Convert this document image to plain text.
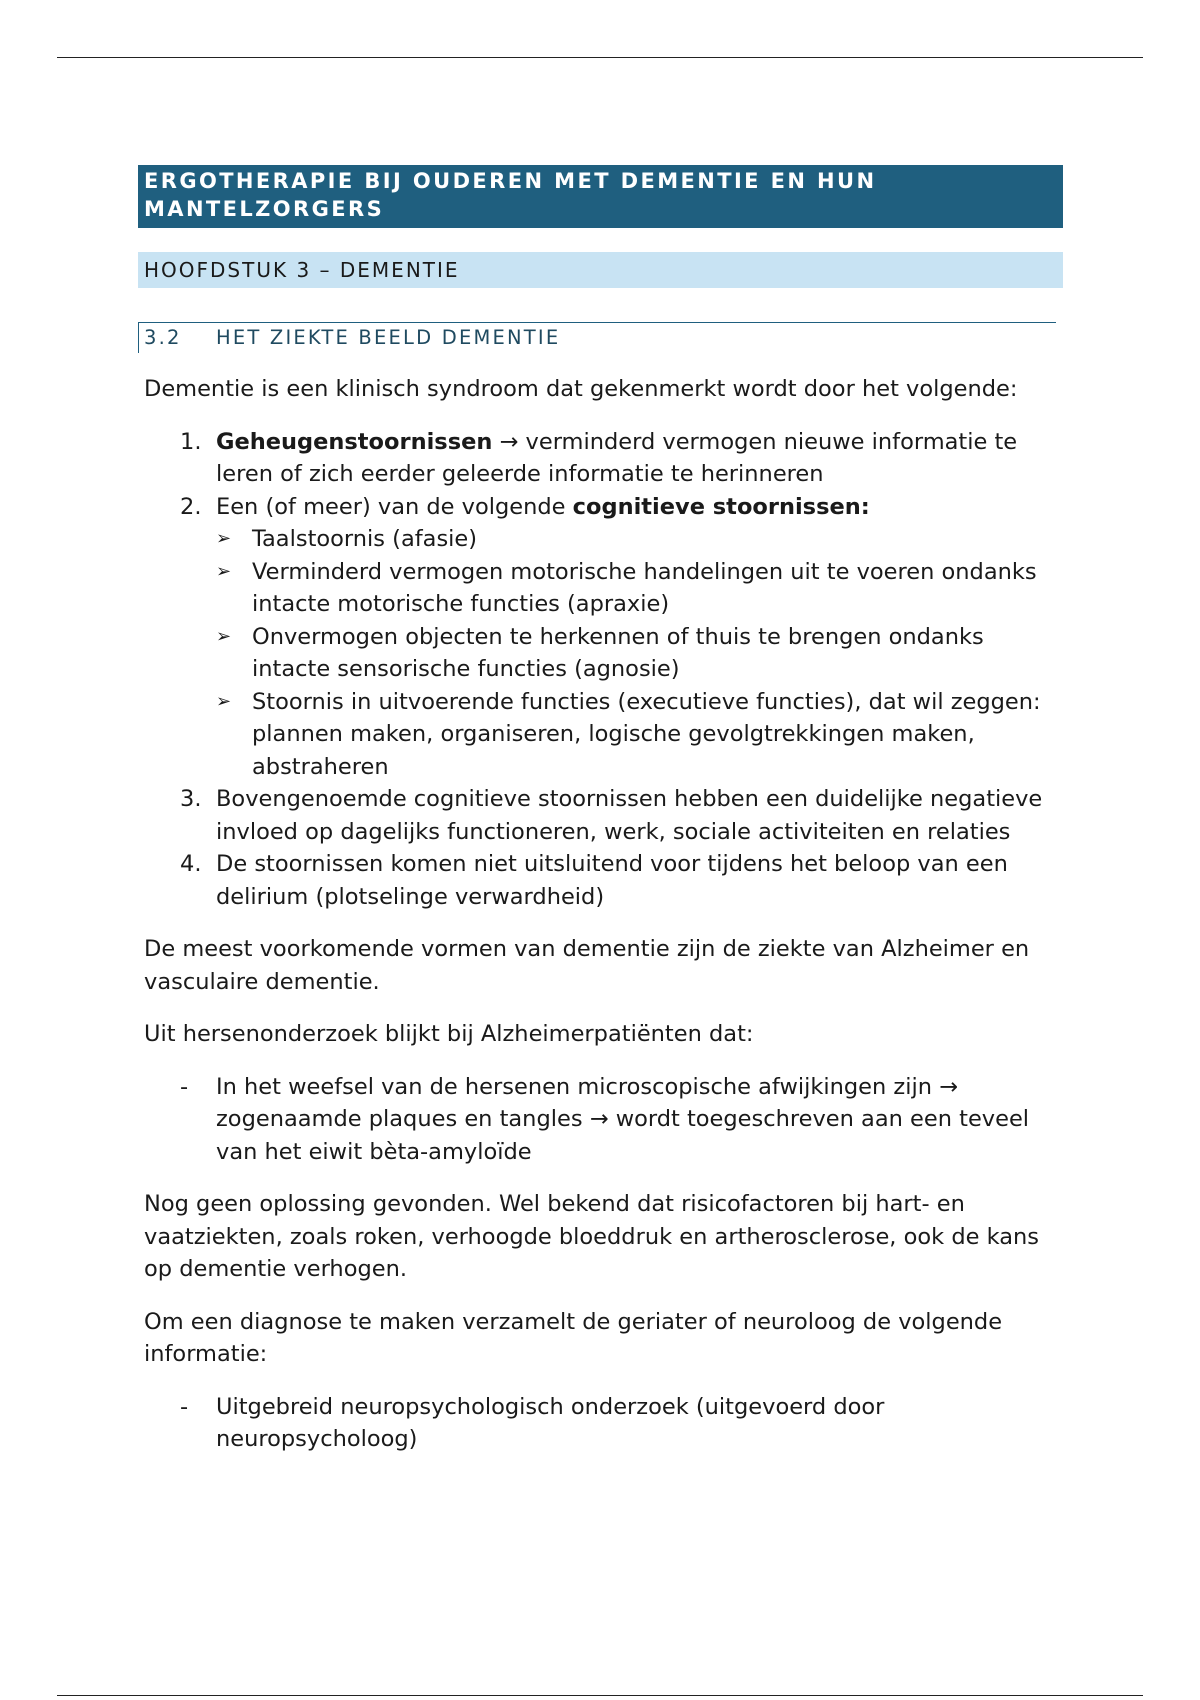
ERGOTHERAPIE BIJ OUDEREN MET DEMENTIE EN HUN MANTELZORGERS
HOOFDSTUK 3 – DEMENTIE
3.2	HET ZIEKTE BEELD DEMENTIE

Dementie is een klinisch syndroom dat gekenmerkt wordt door het volgende:

1. Geheugenstoornissen → verminderd vermogen nieuwe informatie te leren of zich eerder geleerde informatie te herinneren
2. Een (of meer) van de volgende cognitieve stoornissen:
➢ Taalstoornis (afasie)
➢ Verminderd vermogen motorische handelingen uit te voeren ondanks intacte motorische functies (apraxie)
➢ Onvermogen objecten te herkennen of thuis te brengen ondanks intacte sensorische functies (agnosie)
➢ Stoornis in uitvoerende functies (executieve functies), dat wil zeggen: plannen maken, organiseren, logische gevolgtrekkingen maken, abstraheren
3. Bovengenoemde cognitieve stoornissen hebben een duidelijke negatieve invloed op dagelijks functioneren, werk, sociale activiteiten en relaties
4. De stoornissen komen niet uitsluitend voor tijdens het beloop van een delirium (plotselinge verwardheid)

De meest voorkomende vormen van dementie zijn de ziekte van Alzheimer en vasculaire dementie.

Uit hersenonderzoek blijkt bij Alzheimerpatiënten dat:

- In het weefsel van de hersenen microscopische afwijkingen zijn → zogenaamde plaques en tangles → wordt toegeschreven aan een teveel van het eiwit bèta-amyloïde

Nog geen oplossing gevonden. Wel bekend dat risicofactoren bij hart- en vaatziekten, zoals roken, verhoogde bloeddruk en artherosclerose, ook de kans op dementie verhogen.

Om een diagnose te maken verzamelt de geriater of neuroloog de volgende informatie:

- Uitgebreid neuropsychologisch onderzoek (uitgevoerd door neuropsycholoog)
